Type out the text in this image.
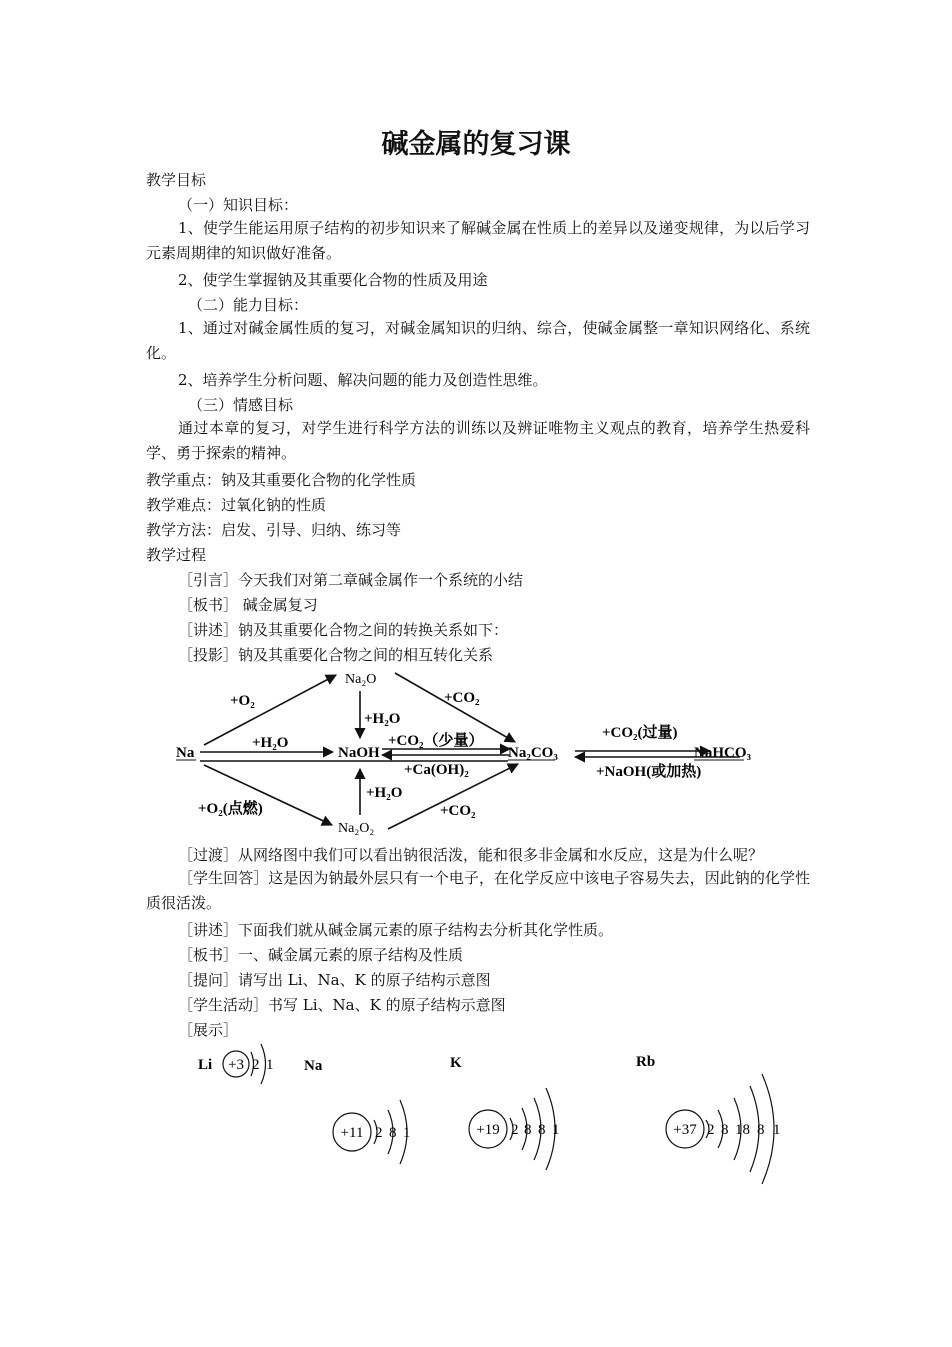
碱金属的复习课
教学目标
（一）知识目标：
1、使学生能运用原子结构的初步知识来了解碱金属在性质上的差异以及递变规律，为以后学习元素周期律的知识做好准备。
2、使学生掌握钠及其重要化合物的性质及用途
（二）能力目标：
1、通过对碱金属性质的复习，对碱金属知识的归纳、综合，使碱金属整一章知识网络化、系统化。
2、培养学生分析问题、解决问题的能力及创造性思维。
（三）情感目标
通过本章的复习，对学生进行科学方法的训练以及辨证唯物主义观点的教育，培养学生热爱科学、勇于探索的精神。
教学重点：钠及其重要化合物的化学性质
教学难点：过氧化钠的性质
教学方法：启发、引导、归纳、练习等
教学过程
［引言］今天我们对第二章碱金属作一个系统的小结
［板书］ 碱金属复习
［讲述］钠及其重要化合物之间的转换关系如下：
［投影］钠及其重要化合物之间的相互转化关系
Na	NaOH
Na₂O
Na₂O₂
Na₂CO₃	NaHCO₃
+O₂
+H₂O
+H₂O
+CO₂
+CO₂（少量）
+Ca(OH)₂
+CO₂(过量)
+NaOH(或加热)
+O₂(点燃)
+H₂O
+CO₂
［过渡］从网络图中我们可以看出钠很活泼，能和很多非金属和水反应，这是为什么呢？
［学生回答］这是因为钠最外层只有一个电子，在化学反应中该电子容易失去，因此钠的化学性质很活泼。
［讲述］下面我们就从碱金属元素的原子结构去分析其化学性质。
［板书］一、碱金属元素的原子结构及性质
［提问］请写出 Li、Na、K 的原子结构示意图
［学生活动］书写 Li、Na、K 的原子结构示意图
［展示］
Li +3 2 1 Na
+11 2 8 1
K
+19 2 8 8 1
Rb
+37 2 8 18 8 1
